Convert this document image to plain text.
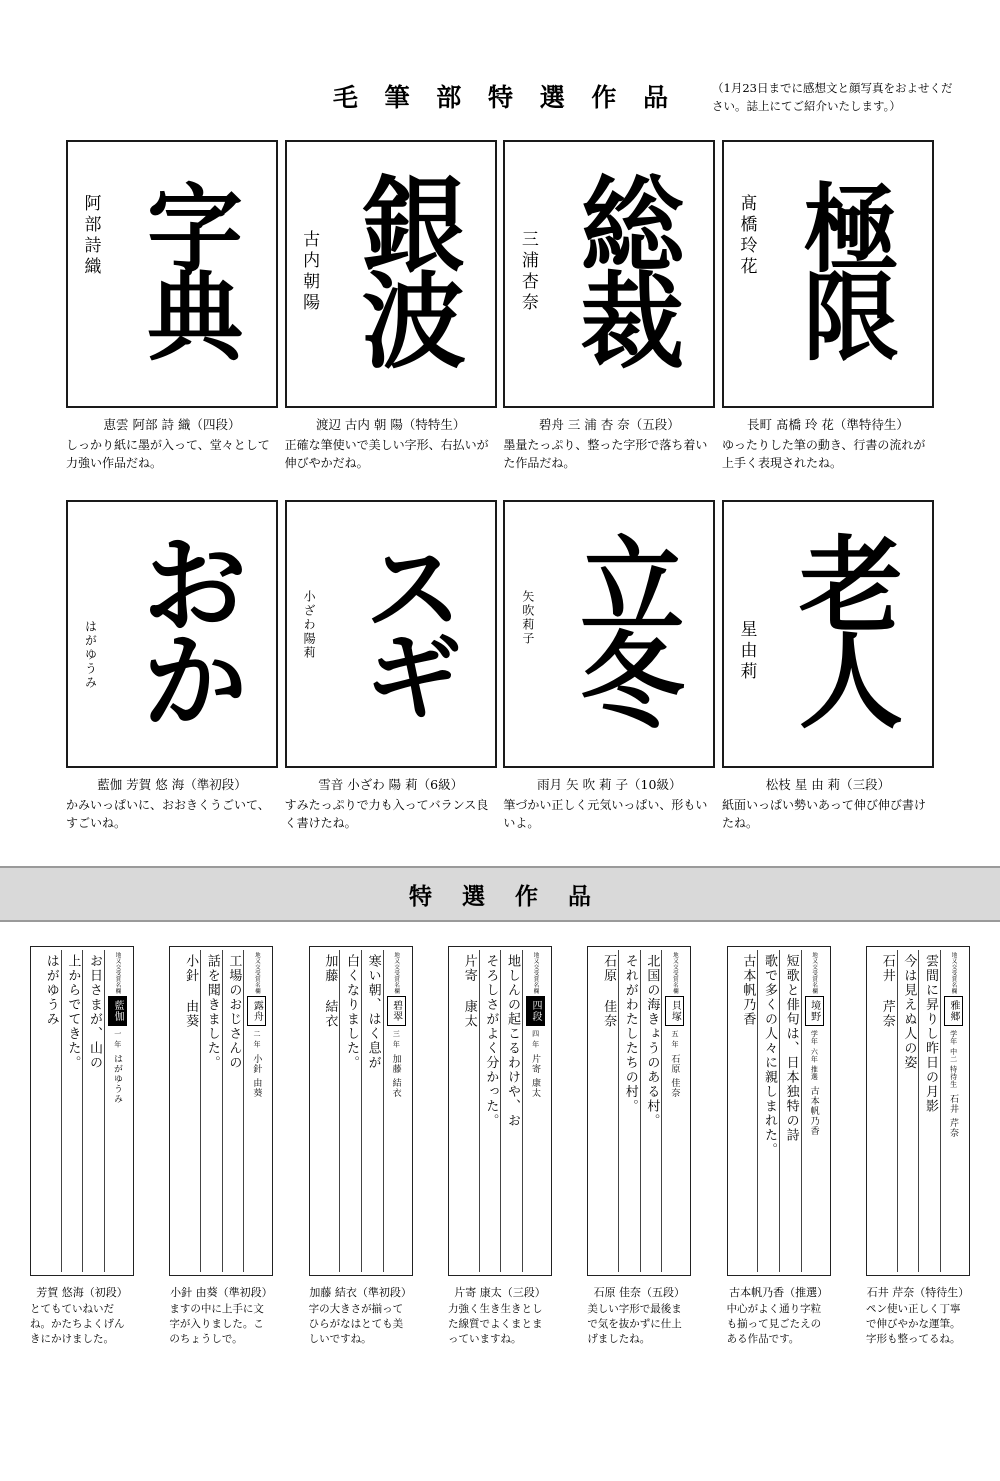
毛 筆 部 特 選 作 品	（1月23日までに感想文と顔写真をおよせください。誌上にてご紹介いたします。）
字
典
阿部詩織
恵雲 阿部 詩 織（四段）
しっかり紙に墨が入って、堂々として力強い作品だね。
銀
波
古内朝陽
渡辺 古内 朝 陽（特特生）
正確な筆使いで美しい字形、右払いが伸びやかだね。
総
裁
三浦杏奈
碧舟 三 浦 杏 奈（五段）
墨量たっぷり、整った字形で落ち着いた作品だね。
極
限
髙橋玲花
長町 髙橋 玲 花（準特待生）
ゆったりした筆の動き、行書の流れが上手く表現されたね。
お
か
はがゆうみ
藍伽 芳賀 悠 海（準初段）
かみいっぱいに、おおきくうごいて、すごいね。
ス
ギ
小ざわ陽莉
雪音 小ざわ 陽 莉（6級）
すみたっぷりで力も入ってバランス良く書けたね。
立
冬
矢吹莉子
雨月 矢 吹 莉 子（10級）
筆づかい正しく元気いっぱい、形もいいよ。
老
人
星由莉
松枝 星 由 莉（三段）
紙面いっぱい勢いあって伸び伸び書けたね。
特 選 作 品
地又交受賞名欄
藍伽
一 年
はがゆうみ
お日さまが、山の
上からでてきた。
はがゆうみ
芳賀 悠海（初段）
とてもていねいだね。かたちよくげんきにかけました。
地又交受賞名欄
露舟
二 年
小針 由葵
工場のおじさんの
話を聞きました。
小針 由葵
小針 由葵（準初段）
ますの中に上手に文字が入りました。このちょうしで。
地又交受賞名欄
碧翠
三 年
加藤 結衣
寒い朝、はく息が
白くなりました。
加藤 結衣
加藤 結衣（準初段）
字の大きさが揃ってひらがなはとても美しいですね。
地又交受賞名欄
四段
四 年
片寄 康太
地しんの起こるわけや、お
そろしさがよく分かった。
片寄 康太
片寄 康太（三段）
力強く生き生きとした線質でよくまとまっていますね。
地又交受賞名欄
貝塚
五 年
石原 佳奈
北国の海きょうのある村。
それがわたしたちの村。
石原 佳奈
石原 佳奈（五段）
美しい字形で最後まで気を抜かずに仕上げましたね。
地又交受賞名欄
境野
学年 六年 推選
古本帆乃香
短歌と俳句は、日本独特の詩
歌で多くの人々に親しまれた。
古本帆乃香
古本帆乃香（推選）
中心がよく通り字粒も揃って見ごたえのある作品です。
地又交受賞名欄
雅郷
学年 中二 特待生
石井 芹奈
雲間に昇りし昨日の月影
今は見えぬ人の姿
石井 芹奈
石井 芹奈（特待生）
ペン使い正しく丁寧で伸びやかな運筆。字形も整ってるね。
